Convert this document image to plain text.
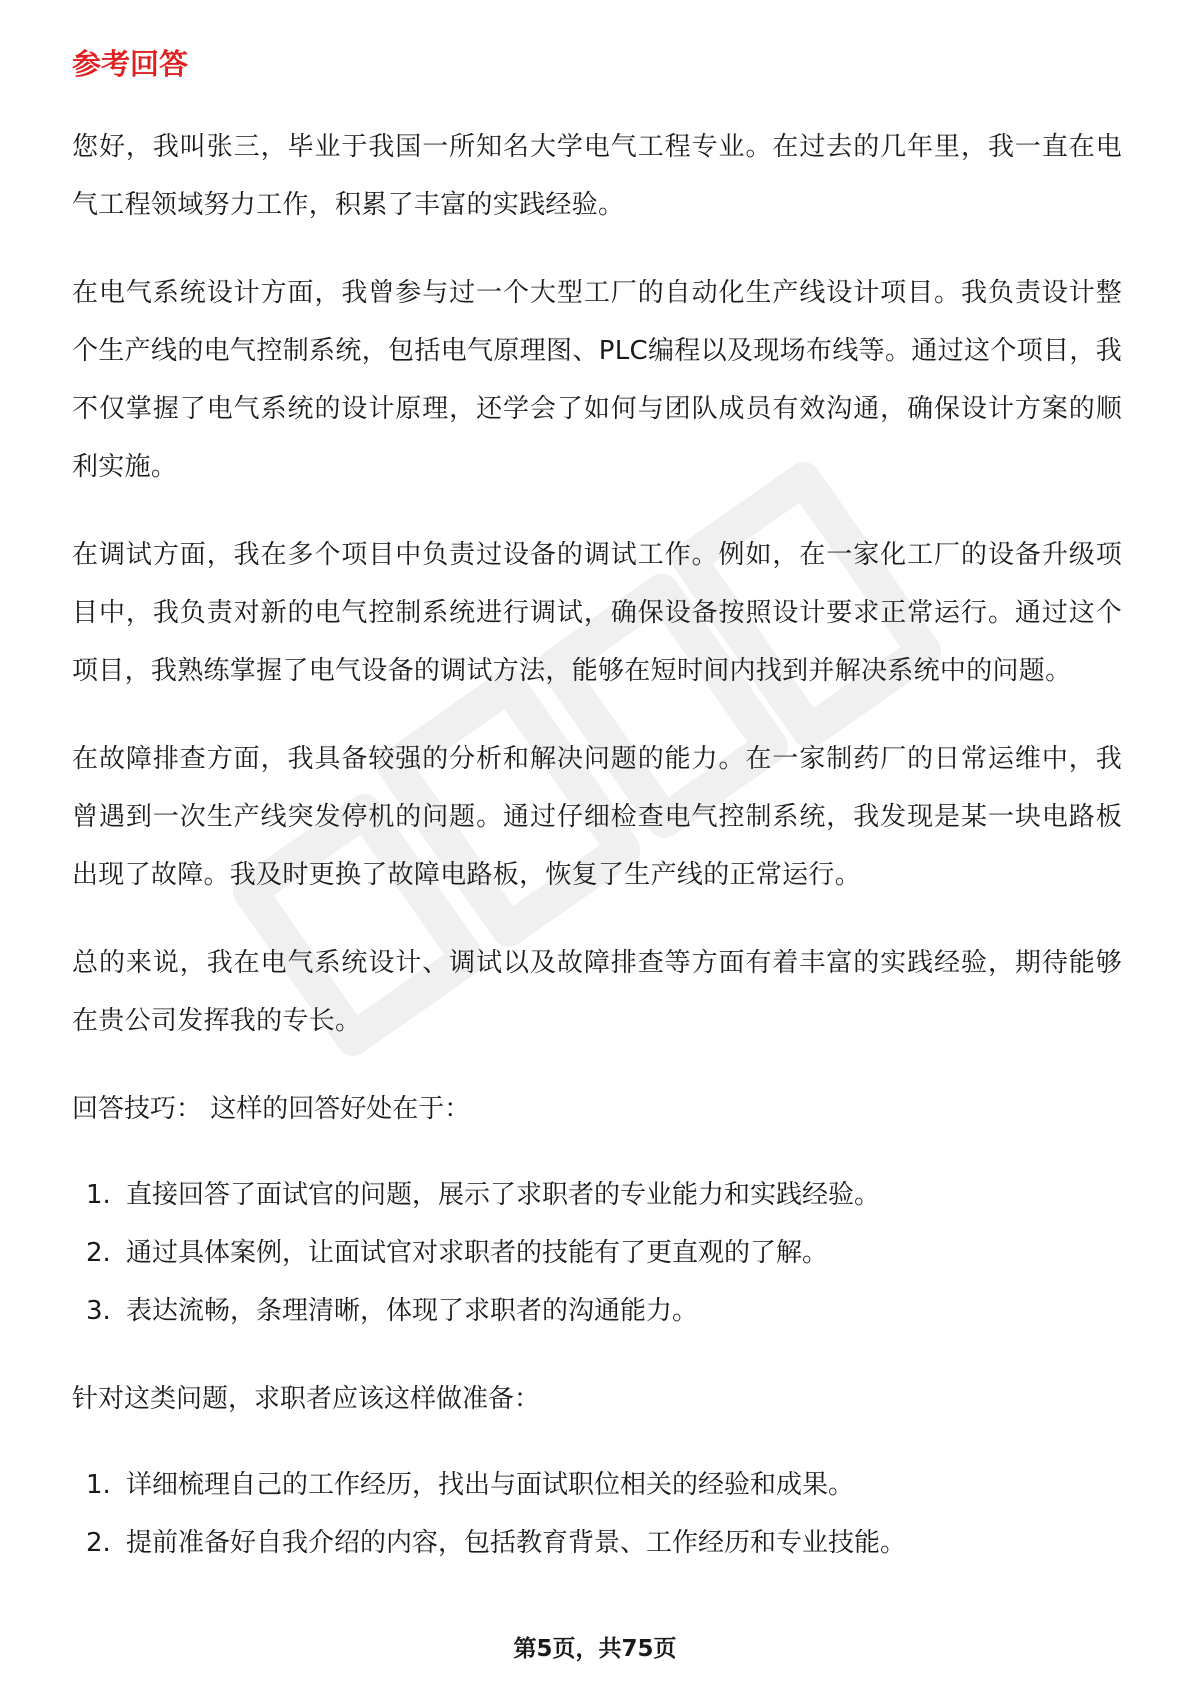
参考回答

您好，我叫张三，毕业于我国一所知名大学电气工程专业。在过去的几年里，我一直在电气工程领域努力工作，积累了丰富的实践经验。

在电气系统设计方面，我曾参与过一个大型工厂的自动化生产线设计项目。我负责设计整个生产线的电气控制系统，包括电气原理图、PLC编程以及现场布线等。通过这个项目，我不仅掌握了电气系统的设计原理，还学会了如何与团队成员有效沟通，确保设计方案的顺利实施。

在调试方面，我在多个项目中负责过设备的调试工作。例如，在一家化工厂的设备升级项目中，我负责对新的电气控制系统进行调试，确保设备按照设计要求正常运行。通过这个项目，我熟练掌握了电气设备的调试方法，能够在短时间内找到并解决系统中的问题。

在故障排查方面，我具备较强的分析和解决问题的能力。在一家制药厂的日常运维中，我曾遇到一次生产线突发停机的问题。通过仔细检查电气控制系统，我发现是某一块电路板出现了故障。我及时更换了故障电路板，恢复了生产线的正常运行。

总的来说，我在电气系统设计、调试以及故障排查等方面有着丰富的实践经验，期待能够在贵公司发挥我的专长。

回答技巧： 这样的回答好处在于：
1. 直接回答了面试官的问题，展示了求职者的专业能力和实践经验。
2. 通过具体案例，让面试官对求职者的技能有了更直观的了解。
3. 表达流畅，条理清晰，体现了求职者的沟通能力。
针对这类问题，求职者应该这样做准备：
1. 详细梳理自己的工作经历，找出与面试职位相关的经验和成果。
2. 提前准备好自我介绍的内容，包括教育背景、工作经历和专业技能。
第5页，共75页
